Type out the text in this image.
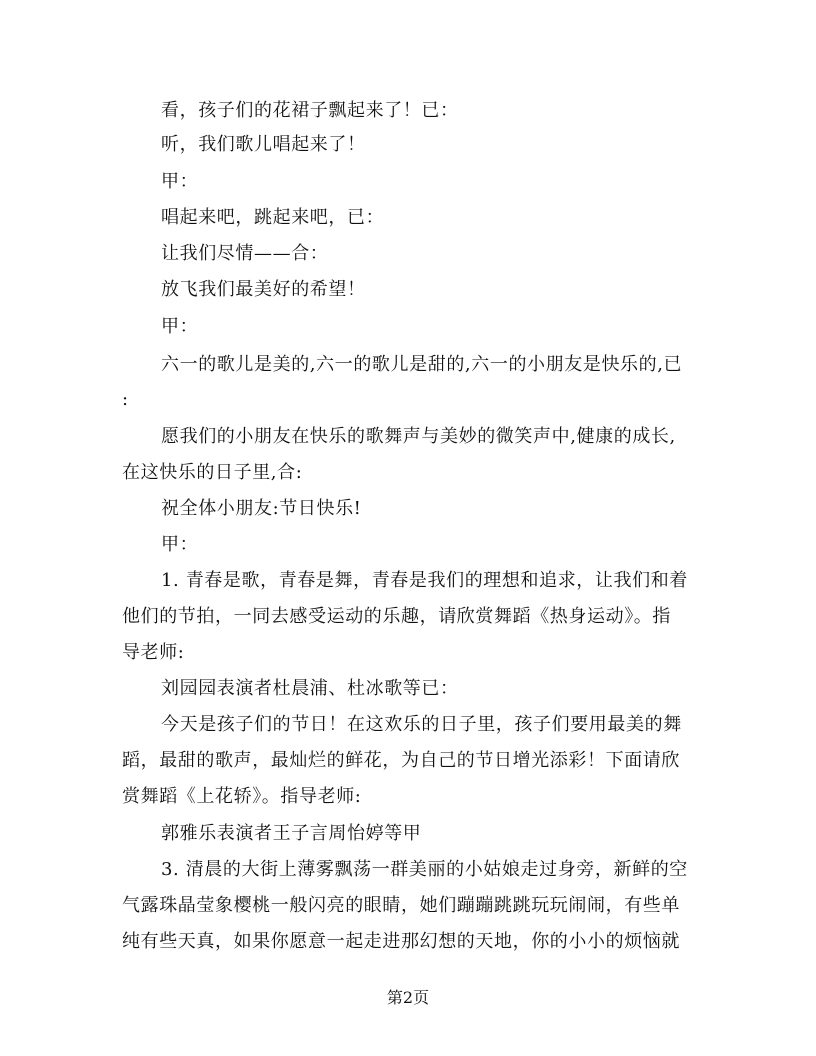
看，孩子们的花裙子飘起来了！已：
听，我们歌儿唱起来了！
甲：
唱起来吧，跳起来吧，已：
让我们尽情——合：
放飞我们最美好的希望！
甲：
六一的歌儿是美的,六一的歌儿是甜的,六一的小朋友是快乐的,已
:
愿我们的小朋友在快乐的歌舞声与美妙的微笑声中,健康的成长,
在这快乐的日子里,合:
祝全体小朋友:节日快乐!
甲：
1. 青春是歌，青春是舞，青春是我们的理想和追求，让我们和着
他们的节拍，一同去感受运动的乐趣，请欣赏舞蹈《热身运动》。指
导老师:
刘园园表演者杜晨浦、杜冰歌等已：
今天是孩子们的节日！在这欢乐的日子里，孩子们要用最美的舞
蹈，最甜的歌声，最灿烂的鲜花，为自己的节日增光添彩！下面请欣
赏舞蹈《上花轿》。指导老师:
郭雅乐表演者王子言周怡婷等甲
3. 清晨的大街上薄雾飘荡一群美丽的小姑娘走过身旁，新鲜的空
气露珠晶莹象樱桃一般闪亮的眼睛，她们蹦蹦跳跳玩玩闹闹，有些单
纯有些天真，如果你愿意一起走进那幻想的天地，你的小小的烦恼就
第2页
